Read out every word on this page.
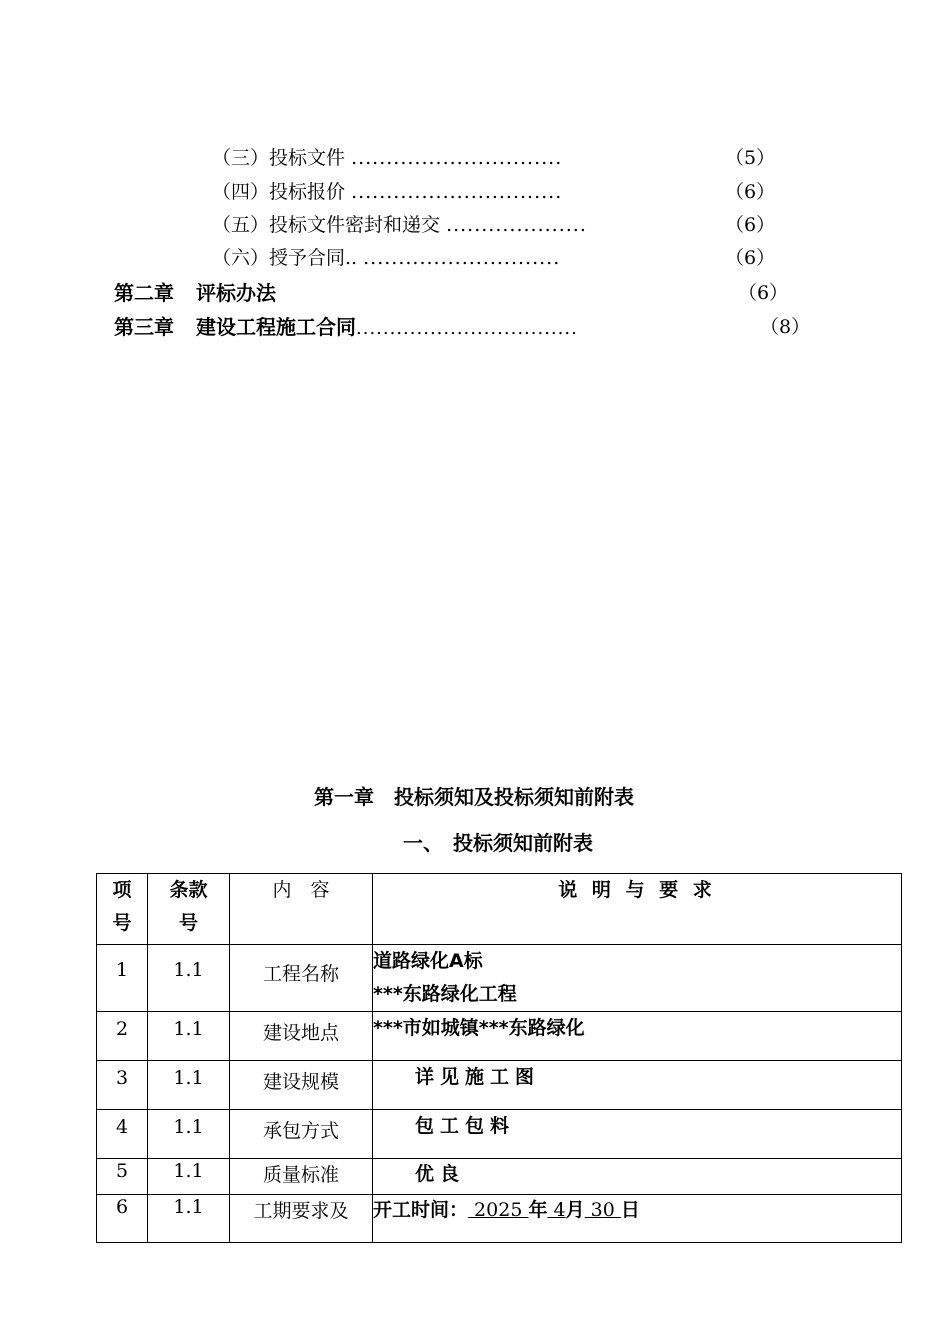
（三）投标文件 ..............................	（5）
（四）投标报价 ..............................	（6）
（五）投标文件密封和递交 ....................	（6）
（六）授予合同.. ............................	（6）
第二章 评标办法	（6）
第三章 建设工程施工合同.................................	（8）
第一章　投标须知及投标须知前附表
一、　投标须知前附表
项号	条款号	内　容	说 明 与 要 求

1	1.1	工程名称	道路绿化A标
***东路绿化工程

2	1.1	建设地点	***市如城镇***东路绿化

3	1.1	建设规模	详见施工图

4	1.1	承包方式	包工包料

5	1.1	质量标准	优良

6	1.1	工期要求及	开工时间： 2025 年 4月 30 日
